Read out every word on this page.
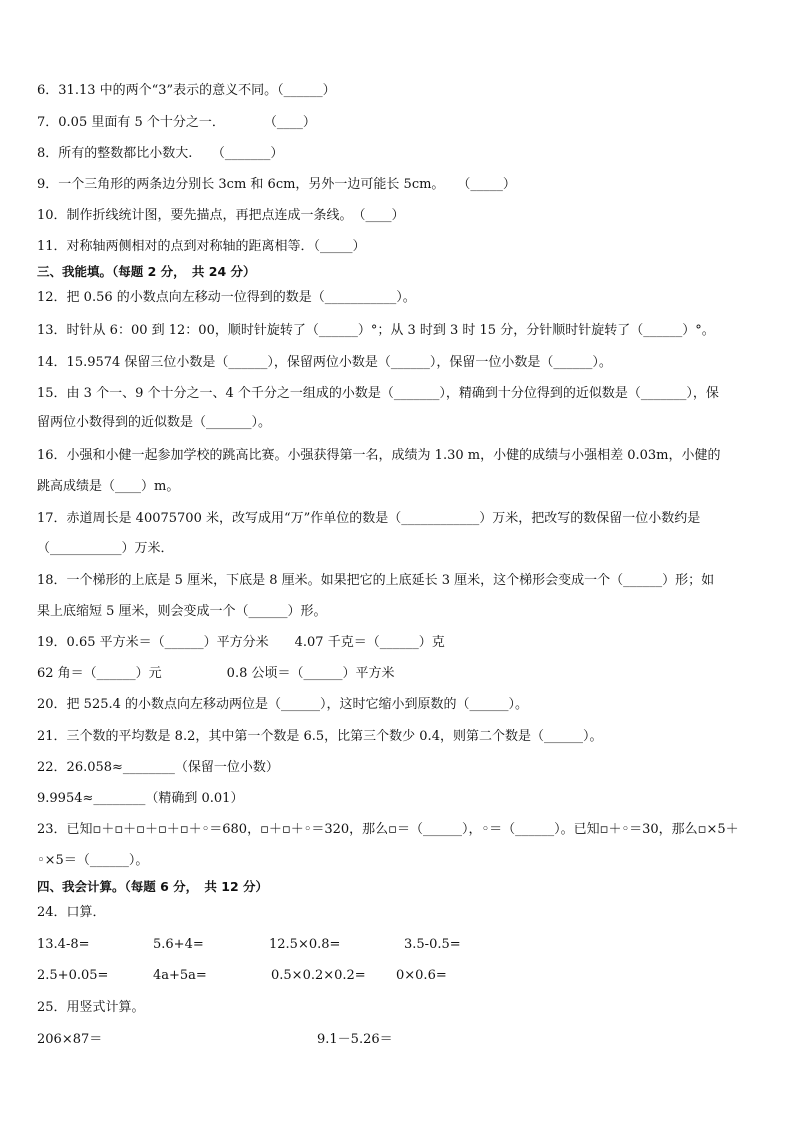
6．31.13 中的两个“3”表示的意义不同。（______）
7．0.05 里面有 5 个十分之一．　　　　（____）
8．所有的整数都比小数大.　　（_______）
9．一个三角形的两条边分别长 3cm 和 6cm，另外一边可能长 5cm。　　（_____）
10．制作折线统计图，要先描点，再把点连成一条线。　（____）
11．对称轴两侧相对的点到对称轴的距离相等．（_____）
三、我能填。（每题 2 分，　共 24 分）
12．把 0.56 的小数点向左移动一位得到的数是（___________）。
13．时针从 6：00 到 12：00，顺时针旋转了（______）°；从 3 时到 3 时 15 分，分针顺时针旋转了（______）°。
14．15.9574 保留三位小数是（______），保留两位小数是（______），保留一位小数是（______）。
15．由 3 个一、9 个十分之一、4 个千分之一组成的小数是（_______），精确到十分位得到的近似数是（_______），保
留两位小数得到的近似数是（_______）。
16．小强和小健一起参加学校的跳高比赛。小强获得第一名，成绩为 1.30 m，小健的成绩与小强相差 0.03m，小健的
跳高成绩是（____）m。
17．赤道周长是 40075700 米，改写成用“万”作单位的数是（____________）万米，把改写的数保留一位小数约是
（___________）万米．
18．一个梯形的上底是 5 厘米，下底是 8 厘米。如果把它的上底延长 3 厘米，这个梯形会变成一个（______）形；如
果上底缩短 5 厘米，则会变成一个（______）形。
19．0.65 平方米＝（______）平方分米　　4.07 千克＝（______）克
62 角＝（______）元　　　　　0.8 公顷＝（______）平方米
20．把 525.4 的小数点向左移动两位是（______），这时它缩小到原数的（______）。
21．三个数的平均数是 8.2，其中第一个数是 6.5，比第三个数少 0.4，则第二个数是（______）。
22．26.058≈________（保留一位小数）
9.9954≈________（精确到 0.01）
23．已知▫＋▫＋▫＋▫＋▫＋◦＝680，▫＋▫＋◦＝320，那么▫＝（______），◦＝（______）。已知▫＋◦＝30，那么▫×5＋
◦×5＝（______）。
四、我会计算。（每题 6 分，　共 12 分）
24．口算．
13.4-8=	5.6+4=	12.5×0.8=	3.5-0.5=
2.5+0.05=	4a+5a=	0.5×0.2×0.2= 0×0.6=
25．用竖式计算。
206×87＝	9.1－5.26＝
